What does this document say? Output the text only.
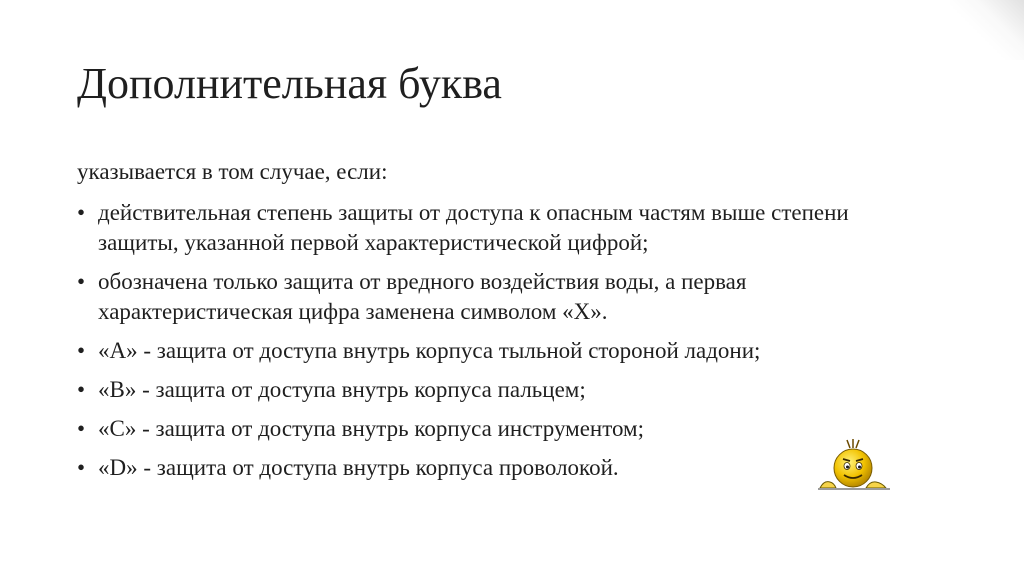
Дополнительная буква

указывается в том случае, если:

• действительная степень защиты от доступа к опасным частям выше степени защиты, указанной первой характеристической цифрой;
• обозначена только защита от вредного воздействия воды, а первая характеристическая цифра заменена символом «X».
• «А» - защита от доступа внутрь корпуса тыльной стороной ладони;
• «В» - защита от доступа внутрь корпуса пальцем;
• «С» - защита от доступа внутрь корпуса инструментом;
• «D» - защита от доступа внутрь корпуса проволокой.
